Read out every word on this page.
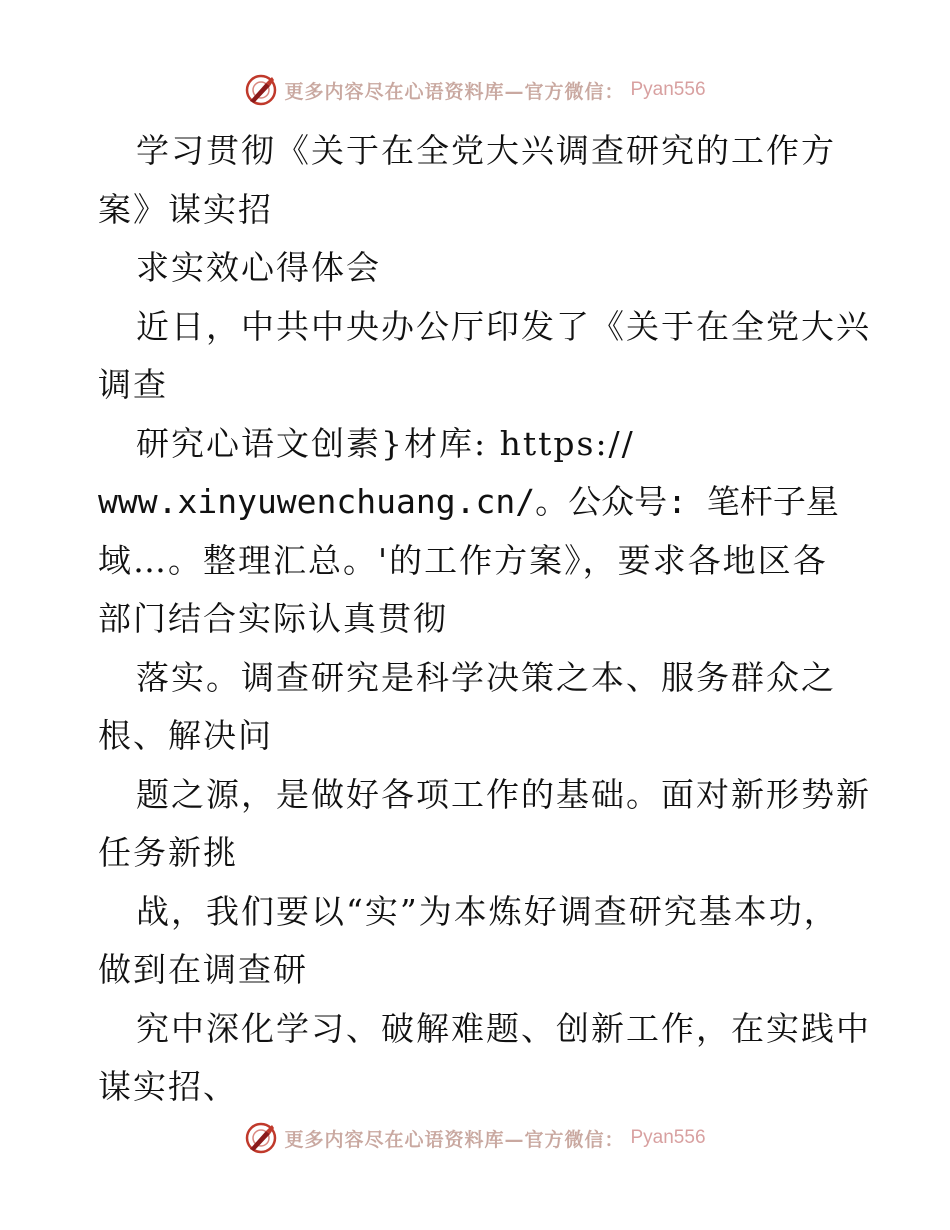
更多内容尽在心语资料库—官方微信： Pyan556
学习贯彻《关于在全党大兴调查研究的工作方
案》谋实招
求实效心得体会
近日，中共中央办公厅印发了《关于在全党大兴
调查
研究心语文创素}材库: https://
www.xinyuwenchuang.cn/。公众号: 笔杆子星
域…。整理汇总。'的工作方案》，要求各地区各
部门结合实际认真贯彻
落实。调查研究是科学决策之本、服务群众之
根、解决问
题之源，是做好各项工作的基础。面对新形势新
任务新挑
战，我们要以“实”为本炼好调查研究基本功，
做到在调查研
究中深化学习、破解难题、创新工作，在实践中
谋实招、
更多内容尽在心语资料库—官方微信： Pyan556
